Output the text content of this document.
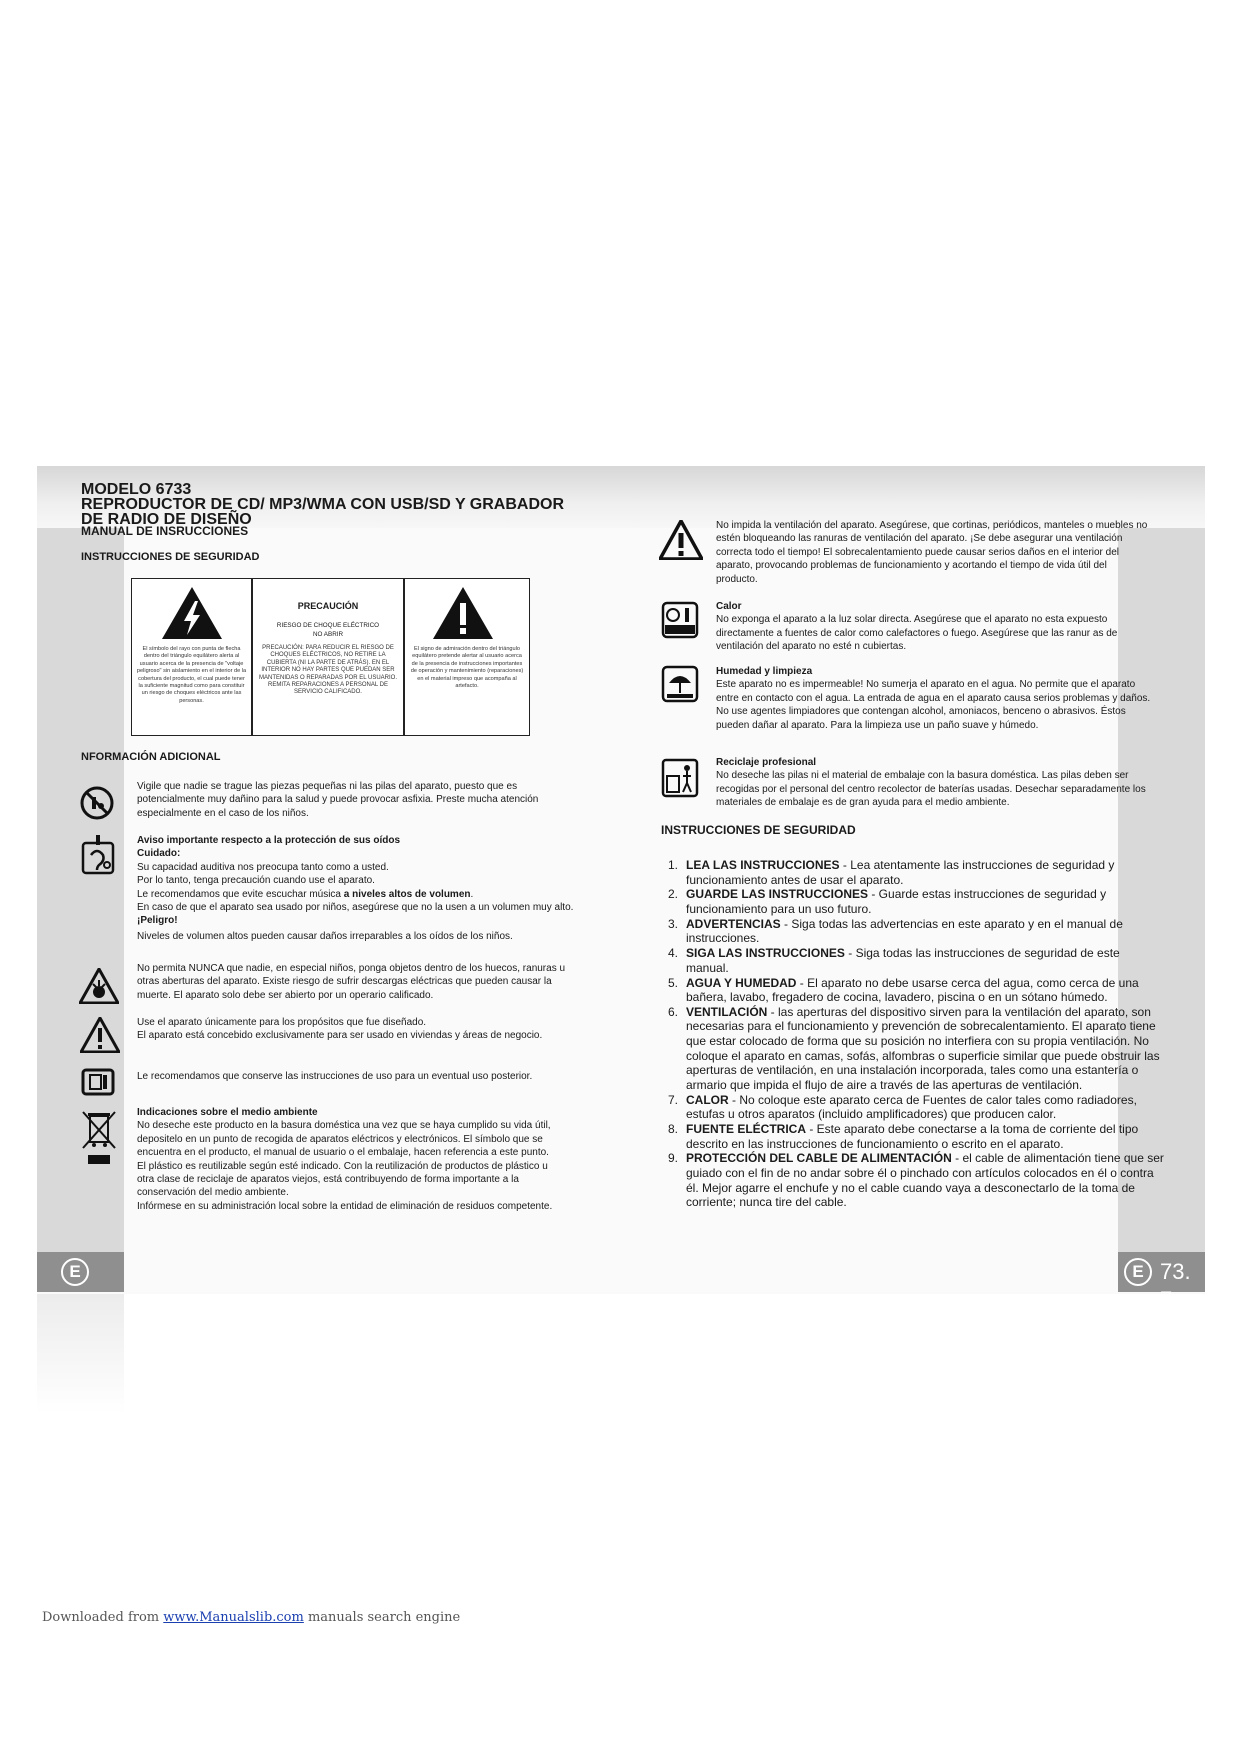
MODELO 6733
REPRODUCTOR DE CD/ MP3/WMA CON USB/SD Y GRABADOR
DE RADIO DE DISEÑO
MANUAL DE INSRUCCIONES
INSTRUCCIONES DE SEGURIDAD
El símbolo del rayo con punta de flecha dentro del triángulo equilátero alerta al usuario acerca de la presencia de "voltaje peligroso" sin aislamiento en el interior de la cobertura del producto, el cual puede tener la suficiente magnitud como para constituir un riesgo de choques eléctricos ante las personas.
PRECAUCIÓN
RIESGO DE CHOQUE ELÉCTRICO
NO ABRIR
PRECAUCIÓN: PARA REDUCIR EL RIESGO DE CHOQUES ELÉCTRICOS, NO RETIRE LA CUBIERTA (NI LA PARTE DE ATRÁS). EN EL INTERIOR NO HAY PARTES QUE PUEDAN SER MANTENIDAS O REPARADAS POR EL USUARIO. REMITA REPARACIONES A PERSONAL DE SERVICIO CALIFICADO.
El signo de admiración dentro del triángulo equilátero pretende alertar al usuario acerca de la presencia de instrucciones importantes de operación y mantenimiento (reparaciones) en el material impreso que acompaña al artefacto.
NFORMACIÓN ADICIONAL
Vigile que nadie se trague las piezas pequeñas ni las pilas del aparato, puesto que es potencialmente muy dañino para la salud y puede provocar asfixia. Preste mucha atención especialmente en el caso de los niños.
Aviso importante respecto a la protección de sus oídos
Cuidado:
Su capacidad auditiva nos preocupa tanto como a usted.
Por lo tanto, tenga precaución cuando use el aparato.
Le recomendamos que evite escuchar música a niveles altos de volumen.
En caso de que el aparato sea usado por niños, asegúrese que no la usen a un volumen muy alto.
¡Peligro!
Niveles de volumen altos pueden causar daños irreparables a los oídos de los niños.
No permita NUNCA que nadie, en especial niños, ponga objetos dentro de los huecos, ranuras u otras aberturas del aparato. Existe riesgo de sufrir descargas eléctricas que pueden causar la muerte. El aparato solo debe ser abierto por un operario calificado.
Use el aparato únicamente para los propósitos que fue diseñado.
El aparato está concebido exclusivamente para ser usado en viviendas y áreas de negocio.
Le recomendamos que conserve las instrucciones de uso para un eventual uso posterior.
Indicaciones sobre el medio ambiente
No deseche este producto en la basura doméstica una vez que se haya cumplido su vida útil, depositelo en un punto de recogida de aparatos eléctricos y electrónicos. El símbolo que se encuentra en el producto, el manual de usuario o el embalaje, hacen referencia a este punto.
El plástico es reutilizable según esté indicado. Con la reutilización de productos de plástico u otra clase de reciclaje de aparatos viejos, está contribuyendo de forma importante a la conservación del medio ambiente.
Infórmese en su administración local sobre la entidad de eliminación de residuos competente.
No impida la ventilación del aparato. Asegúrese, que cortinas, periódicos, manteles o muebles no estén bloqueando las ranuras de ventilación del aparato. ¡Se debe asegurar una ventilación correcta todo el tiempo! El sobrecalentamiento puede causar serios daños en el interior del aparato, provocando problemas de funcionamiento y acortando el tiempo de vida útil del producto.
Calor
No exponga el aparato a la luz solar directa. Asegúrese que el aparato no esta expuesto directamente a fuentes de calor como calefactores o fuego. Asegúrese que las ranur as de ventilación del aparato no esté n cubiertas.
Humedad y limpieza
Este aparato no es impermeable! No sumerja el aparato en el agua. No permite que el aparato entre en contacto con el agua. La entrada de agua en el aparato causa serios problemas y daños. No use agentes limpiadores que contengan alcohol, amoniacos, benceno o abrasivos. Éstos pueden dañar al aparato. Para la limpieza use un paño suave y húmedo.
Reciclaje profesional
No deseche las pilas ni el material de embalaje con la basura doméstica. Las pilas deben ser recogidas por el personal del centro recolector de baterías usadas. Desechar separadamente los materiales de embalaje es de gran ayuda para el medio ambiente.
INSTRUCCIONES DE SEGURIDAD
1. LEA LAS INSTRUCCIONES - Lea atentamente las instrucciones de seguridad y funcionamiento antes de usar el aparato.
2. GUARDE LAS INSTRUCCIONES - Guarde estas instrucciones de seguridad y funcionamiento para un uso futuro.
3. ADVERTENCIAS - Siga todas las advertencias en este aparato y en el manual de instrucciones.
4. SIGA LAS INSTRUCCIONES - Siga todas las instrucciones de seguridad de este manual.
5. AGUA Y HUMEDAD - El aparato no debe usarse cerca del agua, como cerca de una bañera, lavabo, fregadero de cocina, lavadero, piscina o en un sótano húmedo.
6. VENTILACIÓN - las aperturas del dispositivo sirven para la ventilación del aparato, son necesarias para el funcionamiento y prevención de sobrecalentamiento. El aparato tiene que estar colocado de forma que su posición no interfiera con su propia ventilación. No coloque el aparato en camas, sofás, alfombras o superficie similar que puede obstruir las aperturas de ventilación, en una instalación incorporada, tales como una estantería o armario que impida el flujo de aire a través de las aperturas de ventilación.
7. CALOR - No coloque este aparato cerca de Fuentes de calor tales como radiadores, estufas u otros aparatos (incluido amplificadores) que producen calor.
8. FUENTE ELÉCTRICA - Este aparato debe conectarse a la toma de corriente del tipo descrito en las instrucciones de funcionamiento o escrito en el aparato.
9. PROTECCIÓN DEL CABLE DE ALIMENTACIÓN - el cable de alimentación tiene que ser guiado con el fin de no andar sobre él o pinchado con artículos colocados en él o contra él. Mejor agarre el enchufe y no el cable cuando vaya a desconectarlo de la toma de corriente; nunca tire del cable.
E	E 73. 7
Downloaded from www.Manualslib.com manuals search engine
